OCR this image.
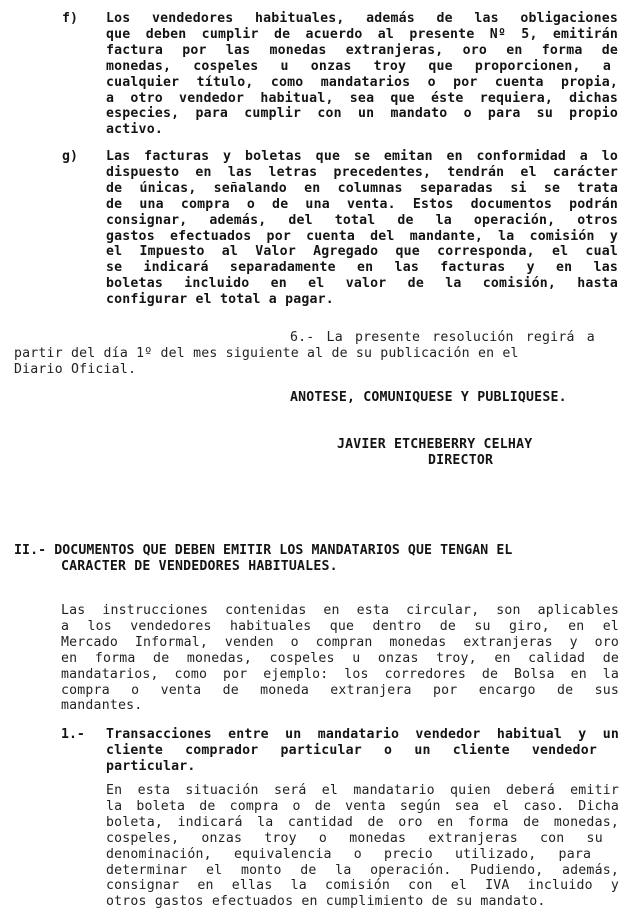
f) Los vendedores habituales, además de las obligaciones
que deben cumplir de acuerdo al presente Nº 5, emitirán
factura por las monedas extranjeras, oro en forma de
monedas, cospeles u onzas troy que proporcionen, a
cualquier título, como mandatarios o por cuenta propia,
a otro vendedor habitual, sea que éste requiera, dichas
especies, para cumplir con un mandato o para su propio
activo.
g) Las facturas y boletas que se emitan en conformidad a lo
dispuesto en las letras precedentes, tendrán el carácter
de únicas, señalando en columnas separadas si se trata
de una compra o de una venta. Estos documentos podrán
consignar, además, del total de la operación, otros
gastos efectuados por cuenta del mandante, la comisión y
el Impuesto al Valor Agregado que corresponda, el cual
se indicará separadamente en las facturas y en las
boletas incluido en el valor de la comisión, hasta
configurar el total a pagar.
6.- La presente resolución regirá a
partir del día 1º del mes siguiente al de su publicación en el
Diario Oficial.
ANOTESE, COMUNIQUESE Y PUBLIQUESE.
JAVIER ETCHEBERRY CELHAY
DIRECTOR
II.- DOCUMENTOS QUE DEBEN EMITIR LOS MANDATARIOS QUE TENGAN EL
CARACTER DE VENDEDORES HABITUALES.
Las instrucciones contenidas en esta circular, son aplicables
a los vendedores habituales que dentro de su giro, en el
Mercado Informal, venden o compran monedas extranjeras y oro
en forma de monedas, cospeles u onzas troy, en calidad de
mandatarios, como por ejemplo: los corredores de Bolsa en la
compra o venta de moneda extranjera por encargo de sus
mandantes.
1.- Transacciones entre un mandatario vendedor habitual y un
cliente comprador particular o un cliente vendedor
particular.
En esta situación será el mandatario quien deberá emitir
la boleta de compra o de venta según sea el caso. Dicha
boleta, indicará la cantidad de oro en forma de monedas,
cospeles, onzas troy o monedas extranjeras con su
denominación, equivalencia o precio utilizado, para
determinar el monto de la operación. Pudiendo, además,
consignar en ellas la comisión con el IVA incluido y
otros gastos efectuados en cumplimiento de su mandato.
